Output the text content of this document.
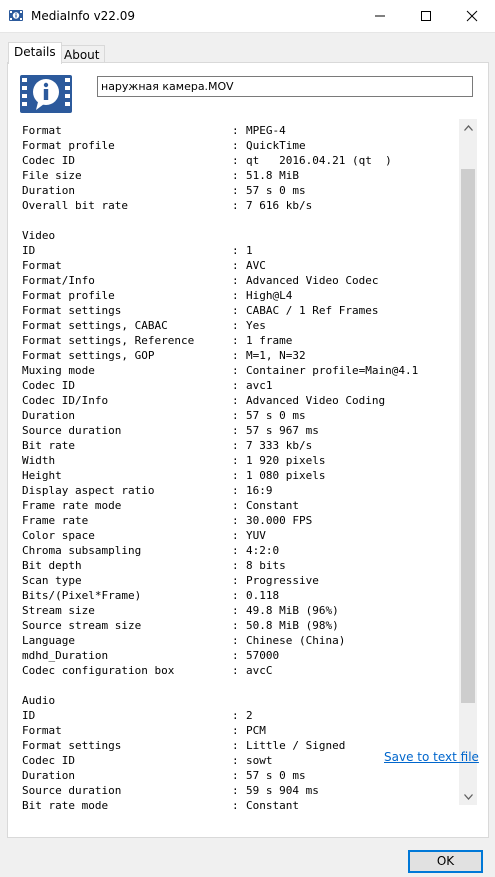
MediaInfo v22.09
Details About
наружная камера.MOV
Format	: MPEG-4
Format profile	: QuickTime
Codec ID	: qt   2016.04.21 (qt  )
File size	: 51.8 MiB
Duration	: 57 s 0 ms
Overall bit rate	: 7 616 kb/s
Video
ID	: 1
Format	: AVC
Format/Info	: Advanced Video Codec
Format profile	: High@L4
Format settings	: CABAC / 1 Ref Frames
Format settings, CABAC	: Yes
Format settings, Reference	: 1 frame
Format settings, GOP	: M=1, N=32
Muxing mode	: Container profile=Main@4.1
Codec ID	: avc1
Codec ID/Info	: Advanced Video Coding
Duration	: 57 s 0 ms
Source duration	: 57 s 967 ms
Bit rate	: 7 333 kb/s
Width	: 1 920 pixels
Height	: 1 080 pixels
Display aspect ratio	: 16:9
Frame rate mode	: Constant
Frame rate	: 30.000 FPS
Color space	: YUV
Chroma subsampling	: 4:2:0
Bit depth	: 8 bits
Scan type	: Progressive
Bits/(Pixel*Frame)	: 0.118
Stream size	: 49.8 MiB (96%)
Source stream size	: 50.8 MiB (98%)
Language	: Chinese (China)
mdhd_Duration	: 57000
Codec configuration box	: avcC
Audio
ID	: 2
Format	: PCM
Format settings	: Little / Signed
Codec ID	: sowt
Duration	: 57 s 0 ms
Source duration	: 59 s 904 ms
Bit rate mode	: Constant
Save to text file
OK
